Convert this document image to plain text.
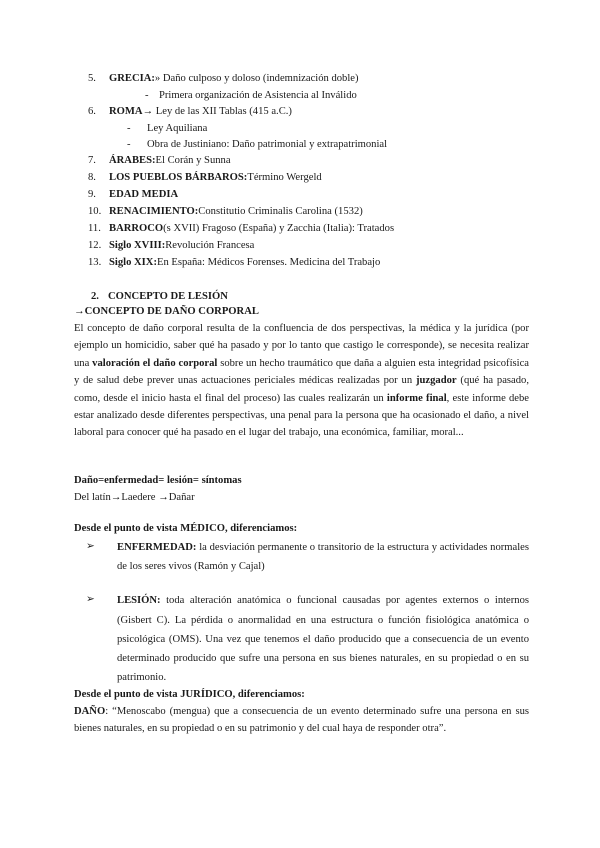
5.	GRECIA: » Daño culposo y doloso (indemnización doble)
- Primera organización de Asistencia al Inválido
6.	ROMA → Ley de las XII Tablas (415 a.C.)
- Ley Aquiliana
- Obra de Justiniano: Daño patrimonial y extrapatrimonial
7.	ÁRABES: El Corán y Sunna
8.	LOS PUEBLOS BÁRBAROS: Término Wergeld
9.	EDAD MEDIA
10. RENACIMIENTO: Constitutio Criminalis Carolina (1532)
11. BARROCO (s XVII) Fragoso (España) y Zacchia (Italia): Tratados
12. Siglo XVIII: Revolución Francesa
13. Siglo XIX: En España: Médicos Forenses. Medicina del Trabajo
2. CONCEPTO DE LESIÓN
→CONCEPTO DE DAÑO CORPORAL

El concepto de daño corporal resulta de la confluencia de dos perspectivas, la médica y la jurídica (por ejemplo un homicidio, saber qué ha pasado y por lo tanto que castigo le corresponde), se necesita realizar una valoración el daño corporal sobre un hecho traumático que daña a alguien esta integridad psicofísica y de salud debe prever unas actuaciones periciales médicas realizadas por un juzgador (qué ha pasado, como, desde el inicio hasta el final del proceso) las cuales realizarán un informe final, este informe debe estar analizado desde diferentes perspectivas, una penal para la persona que ha ocasionado el daño, a nivel laboral para conocer qué ha pasado en el lugar del trabajo, una económica, familiar, moral...

Daño=enfermedad= lesión= síntomas
Del latín→Laedere →Dañar
Desde el punto de vista MÉDICO, diferenciamos:
➢	ENFERMEDAD: la desviación permanente o transitorio de la estructura y actividades normales de los seres vivos (Ramón y Cajal)
➢	LESIÓN: toda alteración anatómica o funcional causadas por agentes externos o internos (Gisbert C). La pérdida o anormalidad en una estructura o función fisiológica anatómica o psicológica (OMS). Una vez que tenemos el daño producido que a consecuencia de un evento determinado producido que sufre una persona en sus bienes naturales, en su propiedad o en su patrimonio.
Desde el punto de vista JURÍDICO, diferenciamos:
DAÑO: “Menoscabo (mengua) que a consecuencia de un evento determinado sufre una persona en sus bienes naturales, en su propiedad o en su patrimonio y del cual haya de responder otra”.
